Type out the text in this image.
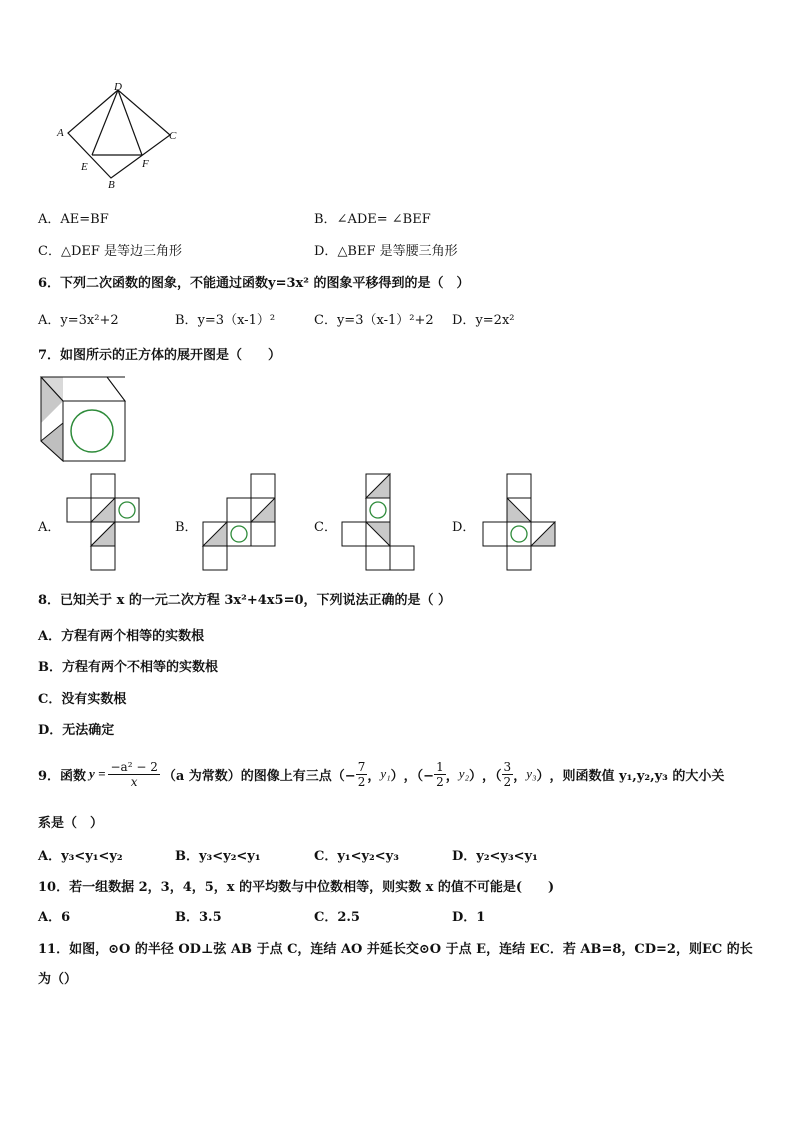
D
A	C
E	F
B
A．AE=BF	B．∠ADE= ∠BEF
C．△DEF 是等边三角形	D．△BEF 是等腰三角形
6．下列二次函数的图象，不能通过函数y=3x² 的图象平移得到的是（　）
A．y=3x²+2	B．y=3（x-1）²	C．y=3（x-1）²+2 D．y=2x²
7．如图所示的正方体的展开图是（　　）
A．	B．	C．	D．
8．已知关于 x 的一元二次方程 3x²+4x5=0，下列说法正确的是（ ）
A．方程有两个相等的实数根
B．方程有两个不相等的实数根
C．没有实数根
D．无法确定
9．函数 $y = \frac{\text{−a² − 2}}{x} (a$ 为常数）的图像上有三点 （− $\frac{7}{2}$ ， y₁ ） ，（− $\frac{1}{2}$ ， y₂ ） ，（ $\frac{3}{2}$ ， y₃ ） ，则函数值 y₁,y₂,y₃ 的大小关
系是（　）
A．y₃<y₁<y₂	B．y₃<y₂<y₁	C．y₁<y₂<y₃	D．y₂<y₃<y₁
10．若一组数据 2，3，4，5，x 的平均数与中位数相等，则实数 x 的值不可能是(　　)
A．6	B．3.5	C．2.5	D．1
11．如图，⊙O 的半径 OD⊥弦 AB 于点 C，连结 AO 并延长交⊙O 于点 E，连结 EC．若 AB=8，CD=2，则EC 的长
为（）
